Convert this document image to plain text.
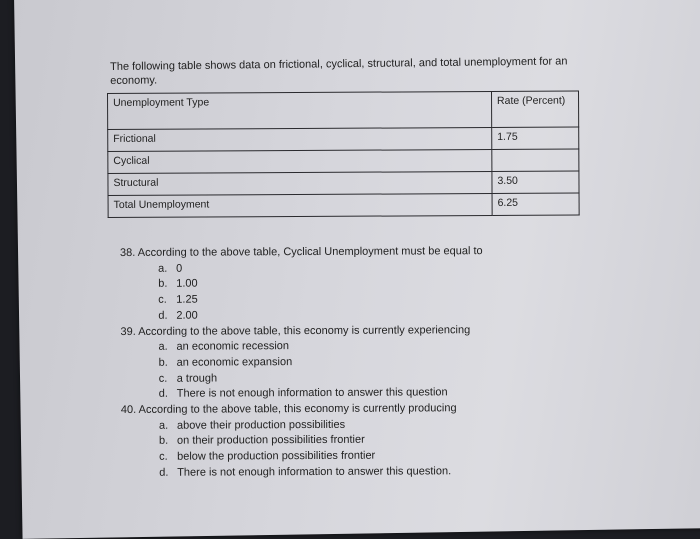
The following table shows data on frictional, cyclical, structural, and total unemployment for an economy.

Unemployment Type	Rate (Percent)
Frictional	1.75
Cyclical	
Structural	3.50
Total Unemployment	6.25

38. According to the above table, Cyclical Unemployment must be equal to

a. 0

b. 1.00

c. 1.25

d. 2.00

39. According to the above table, this economy is currently experiencing

a. an economic recession

b. an economic expansion

c. a trough

d. There is not enough information to answer this question

40. According to the above table, this economy is currently producing

a. above their production possibilities

b. on their production possibilities frontier

c. below the production possibilities frontier

d. There is not enough information to answer this question.
